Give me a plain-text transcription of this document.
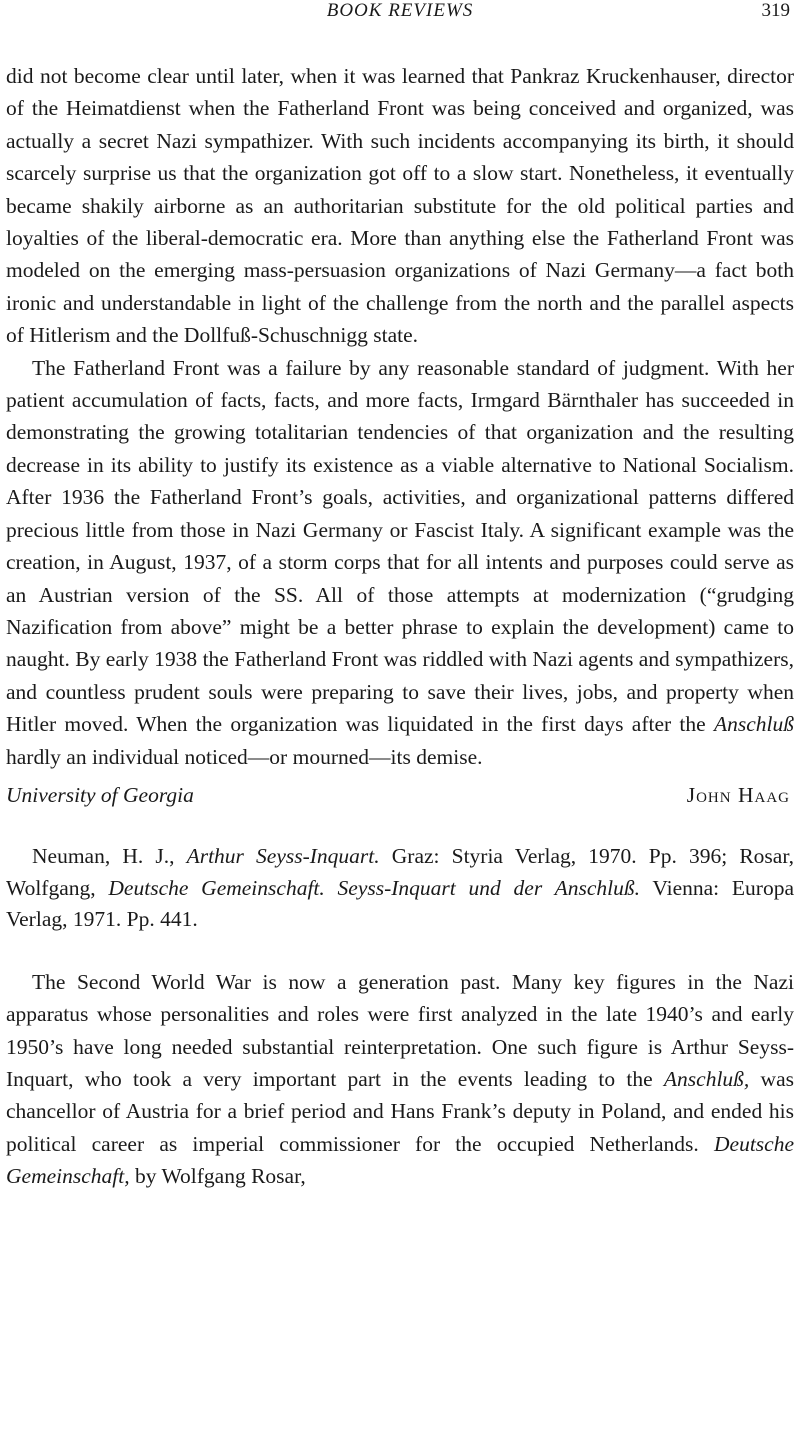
BOOK REVIEWS	319

did not become clear until later, when it was learned that Pankraz Kruckenhauser, director of the Heimatdienst when the Fatherland Front was being conceived and organized, was actually a secret Nazi sympathizer. With such incidents accompanying its birth, it should scarcely surprise us that the organization got off to a slow start. Nonetheless, it eventually became shakily airborne as an authoritarian substitute for the old political parties and loyalties of the liberal-democratic era. More than anything else the Fatherland Front was modeled on the emerging mass-persuasion organizations of Nazi Germany—a fact both ironic and understandable in light of the challenge from the north and the parallel aspects of Hitlerism and the Dollfuß-Schuschnigg state.

The Fatherland Front was a failure by any reasonable standard of judgment. With her patient accumulation of facts, facts, and more facts, Irmgard Bärnthaler has succeeded in demonstrating the growing totalitarian tendencies of that organization and the resulting decrease in its ability to justify its existence as a viable alternative to National Socialism. After 1936 the Fatherland Front’s goals, activities, and organizational patterns differed precious little from those in Nazi Germany or Fascist Italy. A significant example was the creation, in August, 1937, of a storm corps that for all intents and purposes could serve as an Austrian version of the SS. All of those attempts at modernization (“grudging Nazification from above” might be a better phrase to explain the development) came to naught. By early 1938 the Fatherland Front was riddled with Nazi agents and sympathizers, and countless prudent souls were preparing to save their lives, jobs, and property when Hitler moved. When the organization was liquidated in the first days after the Anschluß hardly an individual noticed—or mourned—its demise.

University of Georgia	John Haag

Neuman, H. J., Arthur Seyss-Inquart. Graz: Styria Verlag, 1970. Pp. 396; Rosar, Wolfgang, Deutsche Gemeinschaft. Seyss-Inquart und der Anschluß. Vienna: Europa Verlag, 1971. Pp. 441.

The Second World War is now a generation past. Many key figures in the Nazi apparatus whose personalities and roles were first analyzed in the late 1940’s and early 1950’s have long needed substantial reinterpretation. One such figure is Arthur Seyss-Inquart, who took a very important part in the events leading to the Anschluß, was chancellor of Austria for a brief period and Hans Frank’s deputy in Poland, and ended his political career as imperial commissioner for the occupied Netherlands. Deutsche Gemeinschaft, by Wolfgang Rosar,
